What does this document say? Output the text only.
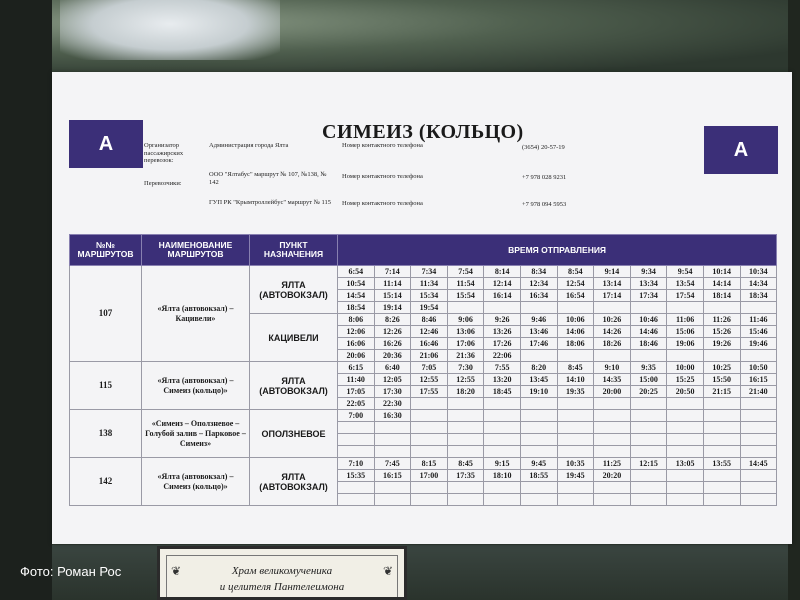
A	A
СИМЕИЗ (КОЛЬЦО)
Организатор пассажирских перевозок:
Администрация города Ялта
Перевозчики:
ООО "Ялтабус" маршрут № 107, №138, № 142
ГУП РК "Крымтроллейбус" маршрут № 115
Номер контактного телефона
Номер контактного телефона
Номер контактного телефона
(3654) 20-57-19
+7 978 028 9231
+7 978 094 5953
№№ МАРШРУТОВ	НАИМЕНОВАНИЕ МАРШРУТОВ	ПУНКТ НАЗНАЧЕНИЯ	ВРЕМЯ ОТПРАВЛЕНИЯ											
107	«Ялта (автовокзал) – Кацивели»	ЯЛТА (АВТОВОКЗАЛ)	6:54	7:14	7:34	7:54	8:14	8:34	8:54	9:14	9:34	9:54	10:14	10:34
			10:54	11:14	11:34	11:54	12:14	12:34	12:54	13:14	13:34	13:54	14:14	14:34
			14:54	15:14	15:34	15:54	16:14	16:34	16:54	17:14	17:34	17:54	18:14	18:34
			18:54	19:14	19:54									
		КАЦИВЕЛИ	8:06	8:26	8:46	9:06	9:26	9:46	10:06	10:26	10:46	11:06	11:26	11:46
			12:06	12:26	12:46	13:06	13:26	13:46	14:06	14:26	14:46	15:06	15:26	15:46
			16:06	16:26	16:46	17:06	17:26	17:46	18:06	18:26	18:46	19:06	19:26	19:46
			20:06	20:36	21:06	21:36	22:06							
115	«Ялта (автовокзал) – Симеиз (кольцо)»	ЯЛТА (АВТОВОКЗАЛ)	6:15	6:40	7:05	7:30	7:55	8:20	8:45	9:10	9:35	10:00	10:25	10:50
			11:40	12:05	12:55	12:55	13:20	13:45	14:10	14:35	15:00	15:25	15:50	16:15
			17:05	17:30	17:55	18:20	18:45	19:10	19:35	20:00	20:25	20:50	21:15	21:40
			22:05	22:30										
138	«Симеиз – Оползневое – Голубой залив – Парковое – Симеиз»	ОПОЛЗНЕВОЕ	7:00	16:30										

142	«Ялта (автовокзал) – Симеиз (кольцо)»	ЯЛТА (АВТОВОКЗАЛ)	7:10	7:45	8:15	8:45	9:15	9:45	10:35	11:25	12:15	13:05	13:55	14:45
			15:35	16:15	17:00	17:35	18:10	18:55	19:45	20:20				

❦	❦
Храм великомученика
и целителя Пантелеимона
Фото: Роман Рос
